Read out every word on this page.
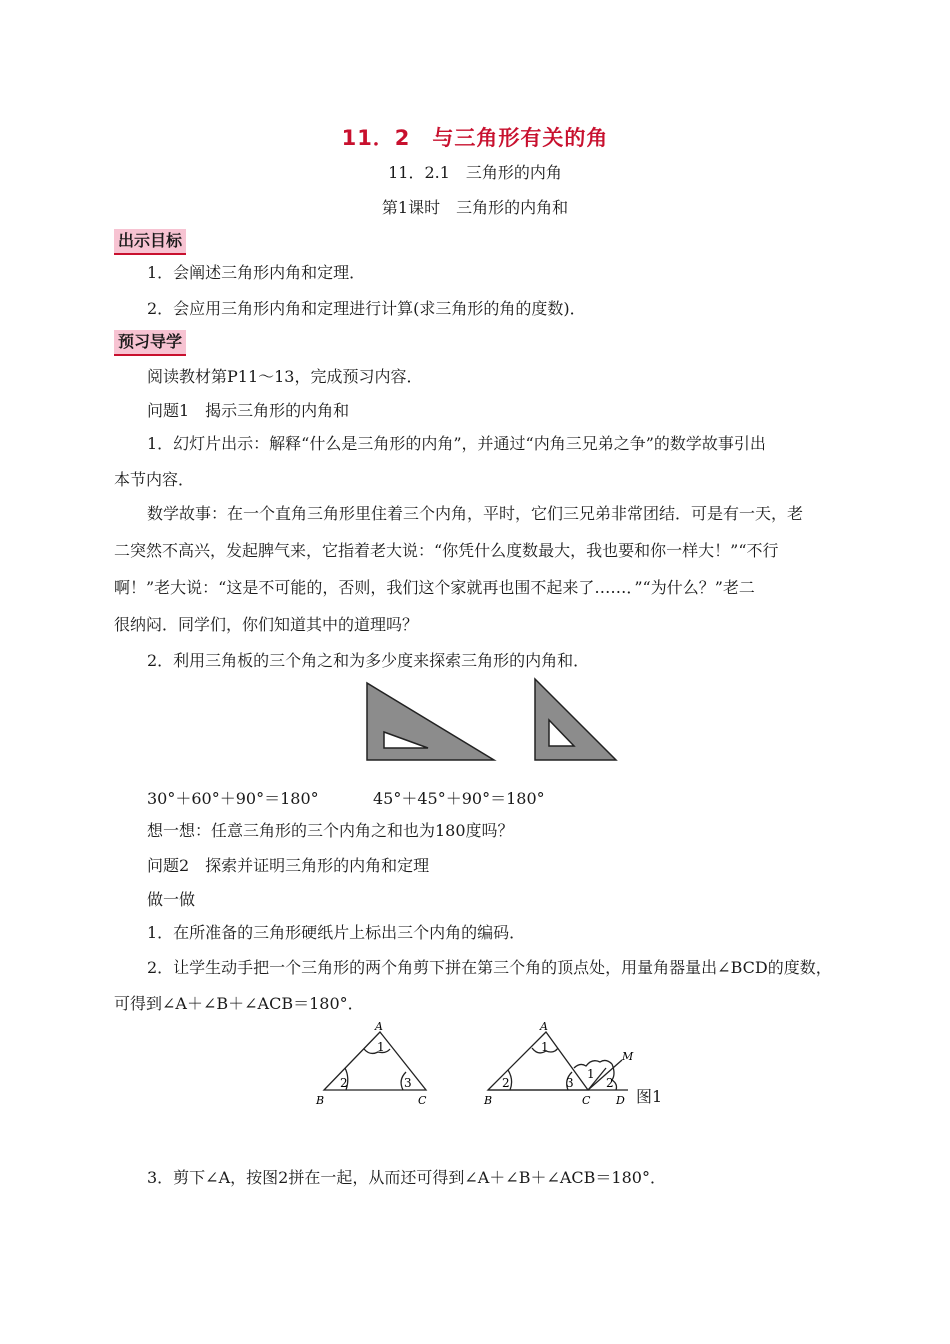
11．2　与三角形有关的角
11．2.1　三角形的内角
第1课时　三角形的内角和
出示目标
1．会阐述三角形内角和定理．
2．会应用三角形内角和定理进行计算(求三角形的角的度数)．
预习导学
阅读教材第P11～13，完成预习内容．
问题1　揭示三角形的内角和
1．幻灯片出示：解释“什么是三角形的内角”，并通过“内角三兄弟之争”的数学故事引出
本节内容．
数学故事：在一个直角三角形里住着三个内角，平时，它们三兄弟非常团结．可是有一天，老
二突然不高兴，发起脾气来，它指着老大说：“你凭什么度数最大，我也要和你一样大！”“不行
啊！”老大说：“这是不可能的，否则，我们这个家就再也围不起来了……．”“为什么？”老二
很纳闷．同学们，你们知道其中的道理吗？
2．利用三角板的三个角之和为多少度来探索三角形的内角和．
30°＋60°＋90°＝180°	45°＋45°＋90°＝180°
想一想：任意三角形的三个内角之和也为180度吗？
问题2　探索并证明三角形的内角和定理
做一做
1．在所准备的三角形硬纸片上标出三个内角的编码．
2．让学生动手把一个三角形的两个角剪下拼在第三个角的顶点处，用量角器量出∠BCD的度数，
可得到∠A＋∠B＋∠ACB＝180°．
A
B	C
1
2	3
A
B	C D
M
1
2	3
1
2
图1
3．剪下∠A，按图2拼在一起，从而还可得到∠A＋∠B＋∠ACB＝180°．
